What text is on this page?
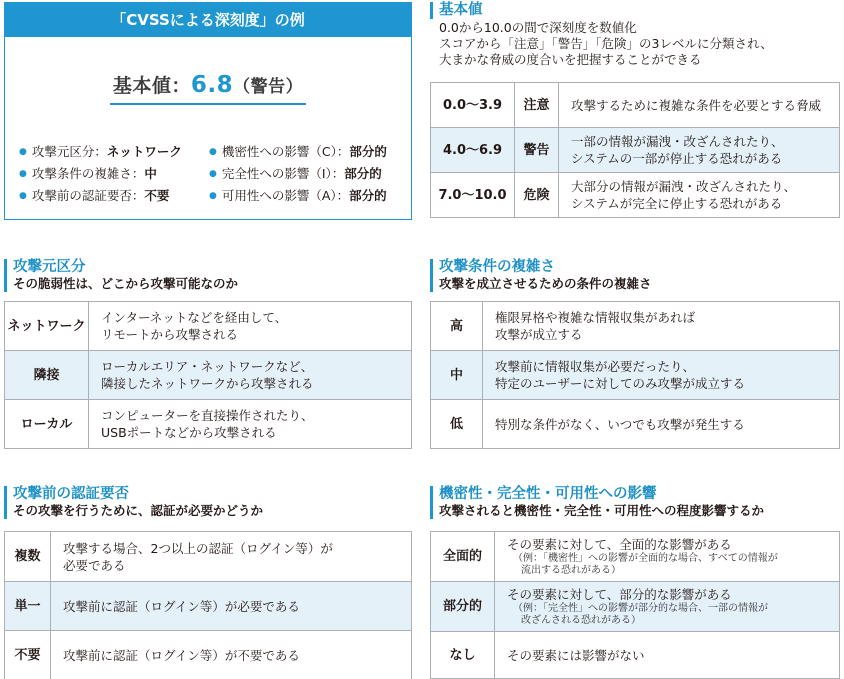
「CVSSによる深刻度」の例
基本値：6.8（警告）
● 攻撃元区分：ネットワーク
● 攻撃条件の複雑さ：中
● 攻撃前の認証要否：不要
● 機密性への影響（C）：部分的
● 完全性への影響（I）：部分的
● 可用性への影響（A）：部分的
基本値
0.0から10.0の間で深刻度を数値化
スコアから「注意」「警告」「危険」の3レベルに分類され、
大まかな脅威の度合いを把握することができる
0.0〜3.9	注意	攻撃するために複雑な条件を必要とする脅威
4.0〜6.9	警告	一部の情報が漏洩・改ざんされたり、
システムの一部が停止する恐れがある

7.0〜10.0	危険	大部分の情報が漏洩・改ざんされたり、
システムが完全に停止する恐れがある
攻撃元区分
その脆弱性は、どこから攻撃可能なのか
ネットワーク	インターネットなどを経由して、
リモートから攻撃される

隣接	ローカルエリア・ネットワークなど、
隣接したネットワークから攻撃される

ローカル	コンピューターを直接操作されたり、
USBポートなどから攻撃される
攻撃条件の複雑さ
攻撃を成立させるための条件の複雑さ
高	権限昇格や複雑な情報収集があれば
攻撃が成立する

中	攻撃前に情報収集が必要だったり、
特定のユーザーに対してのみ攻撃が成立する

低	特別な条件がなく、いつでも攻撃が発生する
攻撃前の認証要否
その攻撃を行うために、認証が必要かどうか
複数	攻撃する場合、2つ以上の認証（ログイン等）が
必要である

単一	攻撃前に認証（ログイン等）が必要である
不要	攻撃前に認証（ログイン等）が不要である
機密性・完全性・可用性への影響
攻撃されると機密性・完全性・可用性への程度影響するか
全面的	その要素に対して、全面的な影響がある
（例：「機密性」への影響が全面的な場合、すべての情報が
流出する恐れがある）

部分的	その要素に対して、部分的な影響がある
（例：「完全性」への影響が部分的な場合、一部の情報が
改ざんされる恐れがある）

なし	その要素には影響がない
